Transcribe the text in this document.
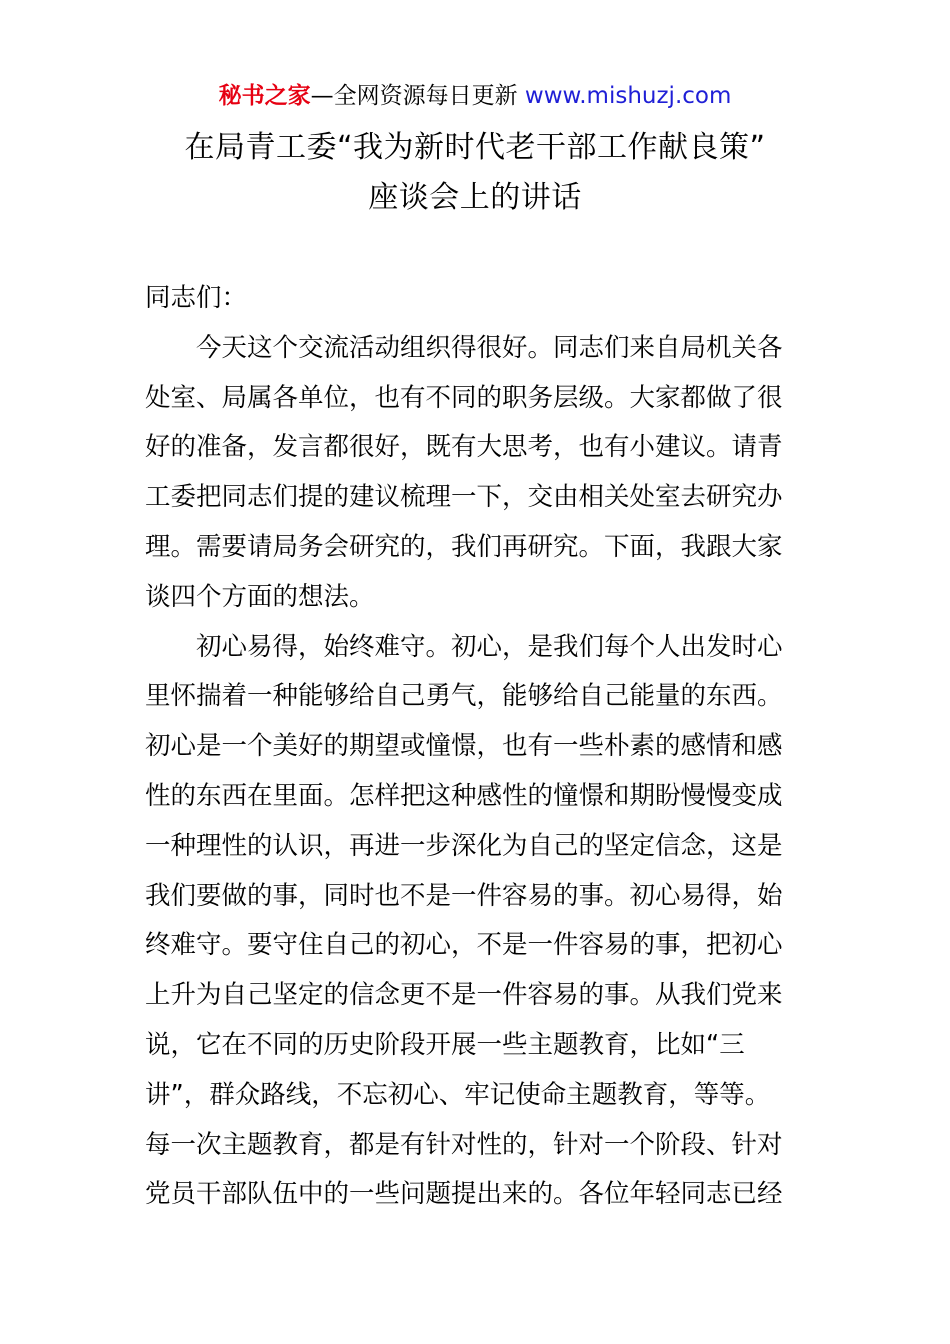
秘书之家—全网资源每日更新 www.mishuzj.com
在局青工委“我为新时代老干部工作献良策”
座谈会上的讲话
同志们：
今天这个交流活动组织得很好。同志们来自局机关各
处室、局属各单位，也有不同的职务层级。大家都做了很
好的准备，发言都很好，既有大思考，也有小建议。请青
工委把同志们提的建议梳理一下，交由相关处室去研究办
理。需要请局务会研究的，我们再研究。下面，我跟大家
谈四个方面的想法。
初心易得，始终难守。初心，是我们每个人出发时心
里怀揣着一种能够给自己勇气，能够给自己能量的东西。
初心是一个美好的期望或憧憬，也有一些朴素的感情和感
性的东西在里面。怎样把这种感性的憧憬和期盼慢慢变成
一种理性的认识，再进一步深化为自己的坚定信念，这是
我们要做的事，同时也不是一件容易的事。初心易得，始
终难守。要守住自己的初心，不是一件容易的事，把初心
上升为自己坚定的信念更不是一件容易的事。从我们党来
说，它在不同的历史阶段开展一些主题教育，比如“三
讲”，群众路线，不忘初心、牢记使命主题教育，等等。
每一次主题教育，都是有针对性的，针对一个阶段、针对
党员干部队伍中的一些问题提出来的。各位年轻同志已经
